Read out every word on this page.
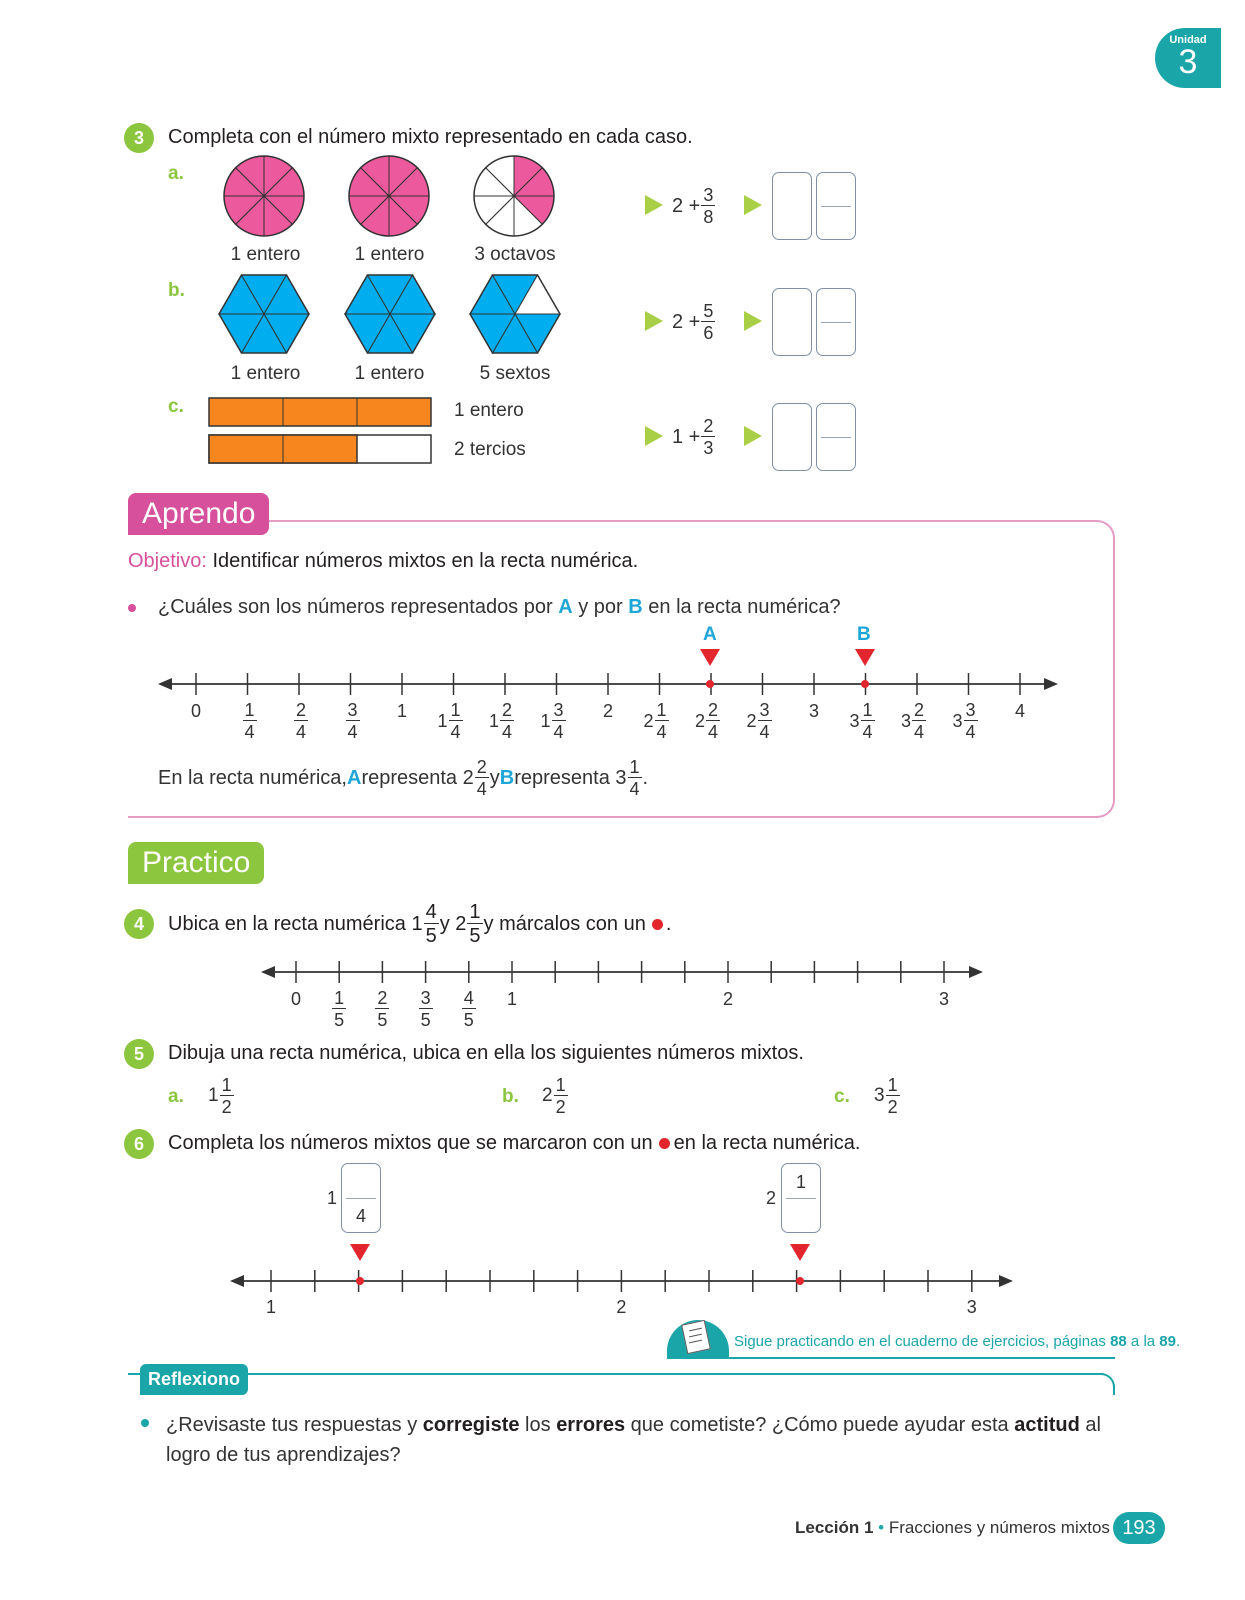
Unidad
3
3	Completa con el número mixto representado en cada caso.
a.
b.
c.
1 entero	1 entero	3 octavos
1 entero	1 entero	5 sextos
1 entero
2 tercios
$2 + \frac{3}{8}$
$2 + \frac{5}{6}$
$1 + \frac{2}{3}$
Aprendo
Objetivo: Identificar números mixtos en la recta numérica.
¿Cuáles son los números representados por A y por B en la recta numérica?
A	B
$0 \frac{1}{4} \frac{2}{4} \frac{3}{4} 1 \frac{1}{4}$
1	$\frac{2}{4}$
1	$\frac{3}{4}$
1	$2 \frac{1}{4}$
2	$\frac{2}{4}$
2	$\frac{3}{4}$
2	$3 \frac{1}{4}$
3	$\frac{2}{4}$
3	$\frac{3}{4}$
3	4
En la recta numérica, A representa $2 \frac{2}{4}$ y B representa $3 \frac{1}{4}$ .
Practico
4	Ubica en la recta numérica $1 \frac{4}{5}$ y $2 \frac{1}{5}$ y márcalos con un .
$0 \frac{1}{5} \frac{2}{5} \frac{3}{5} \frac{4}{5} 1$	2	3
5	Dibuja una recta numérica, ubica en ella los siguientes números mixtos.
a. $1 \frac{1}{2}$	b. $2 \frac{1}{2}$	c. $3 \frac{1}{2}$
6	Completa los números mixtos que se marcaron con un en la recta numérica.
1
4
2
1
1	2	3
Sigue practicando en el cuaderno de ejercicios, páginas 88 a la 89.
Reflexiono
¿Revisaste tus respuestas y corregiste los errores que cometiste? ¿Cómo puede ayudar esta actitud al logro de tus aprendizajes?
Lección 1 • Fracciones y números mixtos 193
